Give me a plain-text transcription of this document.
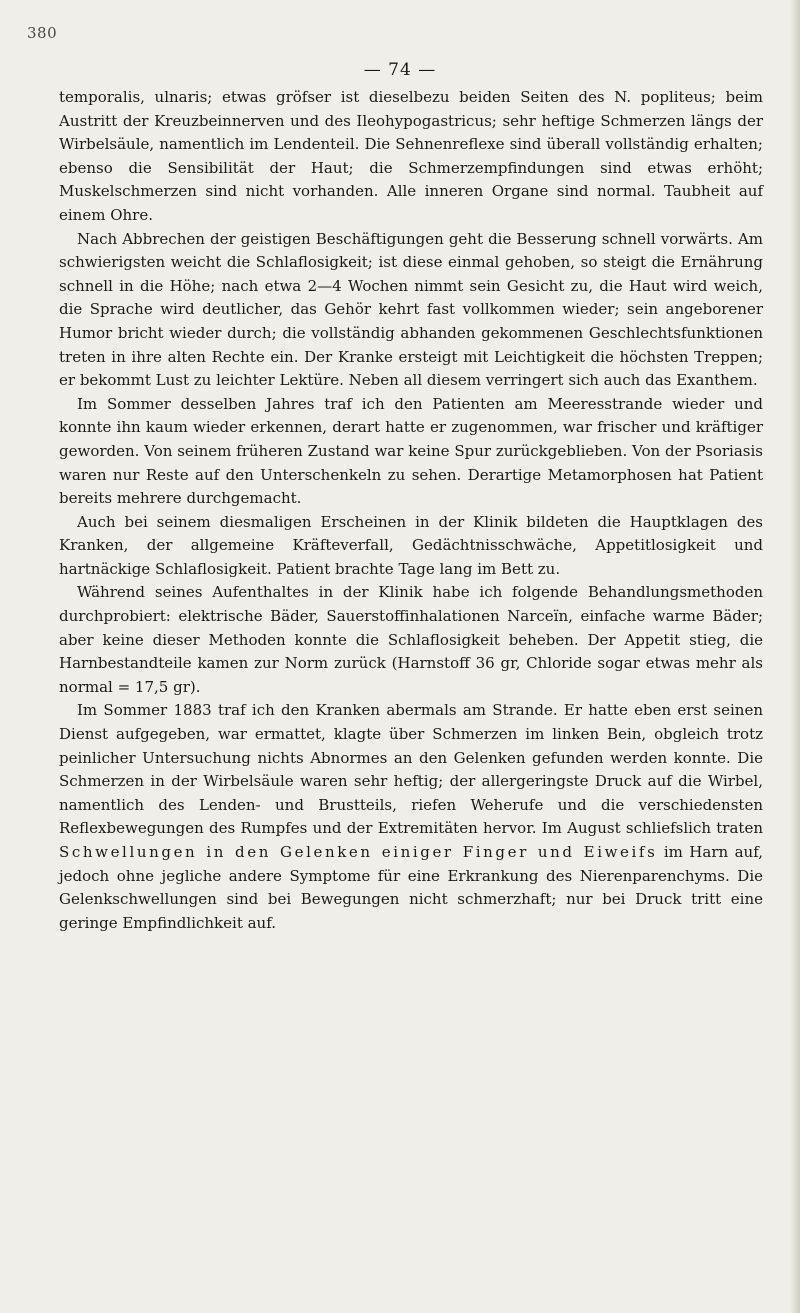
380
— 74 —

temporalis, ulnaris; etwas gröfser ist dieselbezu beiden Seiten des N. popliteus; beim Austritt der Kreuzbeinnerven und des Ileohypogastricus; sehr heftige Schmerzen längs der Wirbelsäule, namentlich im Lendenteil. Die Sehnenreflexe sind überall vollständig erhalten; ebenso die Sensibilität der Haut; die Schmerzempfindungen sind etwas erhöht; Muskelschmerzen sind nicht vorhanden. Alle inneren Organe sind normal. Taubheit auf einem Ohre.

Nach Abbrechen der geistigen Beschäftigungen geht die Besserung schnell vorwärts. Am schwierigsten weicht die Schlaflosigkeit; ist diese einmal gehoben, so steigt die Ernährung schnell in die Höhe; nach etwa 2—4 Wochen nimmt sein Gesicht zu, die Haut wird weich, die Sprache wird deutlicher, das Gehör kehrt fast vollkommen wieder; sein angeborener Humor bricht wieder durch; die vollständig abhanden gekommenen Geschlechtsfunktionen treten in ihre alten Rechte ein. Der Kranke ersteigt mit Leichtigkeit die höchsten Treppen; er bekommt Lust zu leichter Lektüre. Neben all diesem verringert sich auch das Exanthem.

Im Sommer desselben Jahres traf ich den Patienten am Meeresstrande wieder und konnte ihn kaum wieder erkennen, derart hatte er zugenommen, war frischer und kräftiger geworden. Von seinem früheren Zustand war keine Spur zurückgeblieben. Von der Psoriasis waren nur Reste auf den Unterschenkeln zu sehen. Derartige Metamorphosen hat Patient bereits mehrere durchgemacht.

Auch bei seinem diesmaligen Erscheinen in der Klinik bildeten die Hauptklagen des Kranken, der allgemeine Kräfteverfall, Gedächtnisschwäche, Appetitlosigkeit und hartnäckige Schlaflosigkeit. Patient brachte Tage lang im Bett zu.

Während seines Aufenthaltes in der Klinik habe ich folgende Behandlungsmethoden durchprobiert: elektrische Bäder, Sauerstoffinhalationen Narceïn, einfache warme Bäder; aber keine dieser Methoden konnte die Schlaflosigkeit beheben. Der Appetit stieg, die Harnbestandteile kamen zur Norm zurück (Harnstoff 36 gr, Chloride sogar etwas mehr als normal = 17,5 gr).

Im Sommer 1883 traf ich den Kranken abermals am Strande. Er hatte eben erst seinen Dienst aufgegeben, war ermattet, klagte über Schmerzen im linken Bein, obgleich trotz peinlicher Untersuchung nichts Abnormes an den Gelenken gefunden werden konnte. Die Schmerzen in der Wirbelsäule waren sehr heftig; der allergeringste Druck auf die Wirbel, namentlich des Lenden- und Brustteils, riefen Weherufe und die verschiedensten Reflexbewegungen des Rumpfes und der Extremitäten hervor. Im August schliefslich traten Schwellungen in den Gelenken einiger Finger und Eiweifs im Harn auf, jedoch ohne jegliche andere Symptome für eine Erkrankung des Nierenparenchyms. Die Gelenkschwellungen sind bei Bewegungen nicht schmerzhaft; nur bei Druck tritt eine geringe Empfindlichkeit auf.
